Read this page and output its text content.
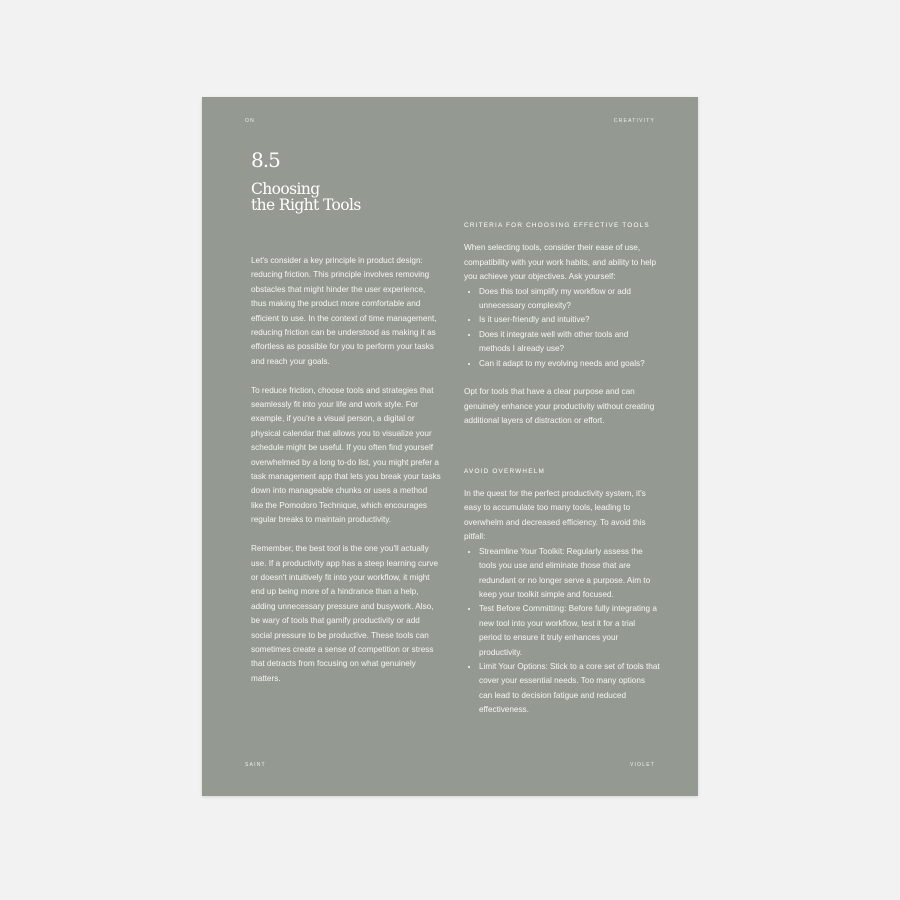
ON	CREATIVITY
8.5
Choosing
the Right Tools

Let's consider a key principle in product design: reducing friction. This principle involves removing obstacles that might hinder the user experience, thus making the product more comfortable and efficient to use. In the context of time management, reducing friction can be understood as making it as effortless as possible for you to perform your tasks and reach your goals.

To reduce friction, choose tools and strategies that seamlessly fit into your life and work style. For example, if you're a visual person, a digital or physical calendar that allows you to visualize your schedule might be useful. If you often find yourself overwhelmed by a long to-do list, you might prefer a task management app that lets you break your tasks down into manageable chunks or uses a method like the Pomodoro Technique, which encourages regular breaks to maintain productivity.

Remember, the best tool is the one you'll actually use. If a productivity app has a steep learning curve or doesn't intuitively fit into your workflow, it might end up being more of a hindrance than a help, adding unnecessary pressure and busywork. Also, be wary of tools that gamify productivity or add social pressure to be productive. These tools can sometimes create a sense of competition or stress that detracts from focusing on what genuinely matters.

CRITERIA FOR CHOOSING EFFECTIVE TOOLS

When selecting tools, consider their ease of use, compatibility with your work habits, and ability to help you achieve your objectives. Ask yourself:

• Does this tool simplify my workflow or add unnecessary complexity?
• Is it user-friendly and intuitive?
• Does it integrate well with other tools and methods I already use?
• Can it adapt to my evolving needs and goals?

Opt for tools that have a clear purpose and can genuinely enhance your productivity without creating additional layers of distraction or effort.

AVOID OVERWHELM

In the quest for the perfect productivity system, it's easy to accumulate too many tools, leading to overwhelm and decreased efficiency. To avoid this pitfall:

• Streamline Your Toolkit: Regularly assess the tools you use and eliminate those that are redundant or no longer serve a purpose. Aim to keep your toolkit simple and focused.
• Test Before Committing: Before fully integrating a new tool into your workflow, test it for a trial period to ensure it truly enhances your productivity.
• Limit Your Options: Stick to a core set of tools that cover your essential needs. Too many options can lead to decision fatigue and reduced effectiveness.
SAINT	VIOLET
